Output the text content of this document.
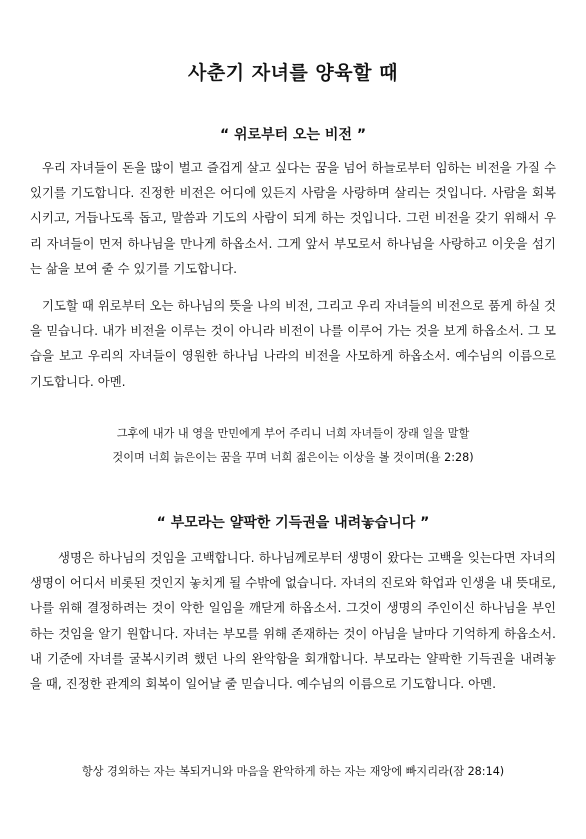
사춘기 자녀를 양육할 때
“ 위로부터 오는 비전 ”

우리 자녀들이 돈을 많이 벌고 즐겁게 살고 싶다는 꿈을 넘어 하늘로부터 임하는 비전을 가질 수 있기를 기도합니다. 진정한 비전은 어디에 있든지 사람을 사랑하며 살리는 것입니다. 사람을 회복시키고, 거듭나도록 돕고, 말씀과 기도의 사람이 되게 하는 것입니다. 그런 비전을 갖기 위해서 우리 자녀들이 먼저 하나님을 만나게 하옵소서. 그게 앞서 부모로서 하나님을 사랑하고 이웃을 섬기는 삶을 보여 줄 수 있기를 기도합니다.

기도할 때 위로부터 오는 하나님의 뜻을 나의 비전, 그리고 우리 자녀들의 비전으로 품게 하실 것을 믿습니다. 내가 비전을 이루는 것이 아니라 비전이 나를 이루어 가는 것을 보게 하옵소서. 그 모습을 보고 우리의 자녀들이 영원한 하나님 나라의 비전을 사모하게 하옵소서. 예수님의 이름으로 기도합니다. 아멘.

그후에 내가 내 영을 만민에게 부어 주리니 너희 자녀들이 장래 일을 말할
것이며 너희 늙은이는 꿈을 꾸며 너희 젊은이는 이상을 볼 것이며(욜 2:28)

“ 부모라는 얄팍한 기득권을 내려놓습니다 ”

생명은 하나님의 것임을 고백합니다. 하나님께로부터 생명이 왔다는 고백을 잊는다면 자녀의 생명이 어디서 비롯된 것인지 놓치게 될 수밖에 없습니다. 자녀의 진로와 학업과 인생을 내 뜻대로, 나를 위해 결정하려는 것이 악한 일임을 깨닫게 하옵소서. 그것이 생명의 주인이신 하나님을 부인하는 것임을 알기 원합니다. 자녀는 부모를 위해 존재하는 것이 아님을 날마다 기억하게 하옵소서. 내 기준에 자녀를 굴복시키려 했던 나의 완악함을 회개합니다. 부모라는 얄팍한 기득권을 내려놓을 때, 진정한 관계의 회복이 일어날 줄 믿습니다. 예수님의 이름으로 기도합니다. 아멘.

항상 경외하는 자는 복되거니와 마음을 완악하게 하는 자는 재앙에 빠지리라(잠 28:14)
